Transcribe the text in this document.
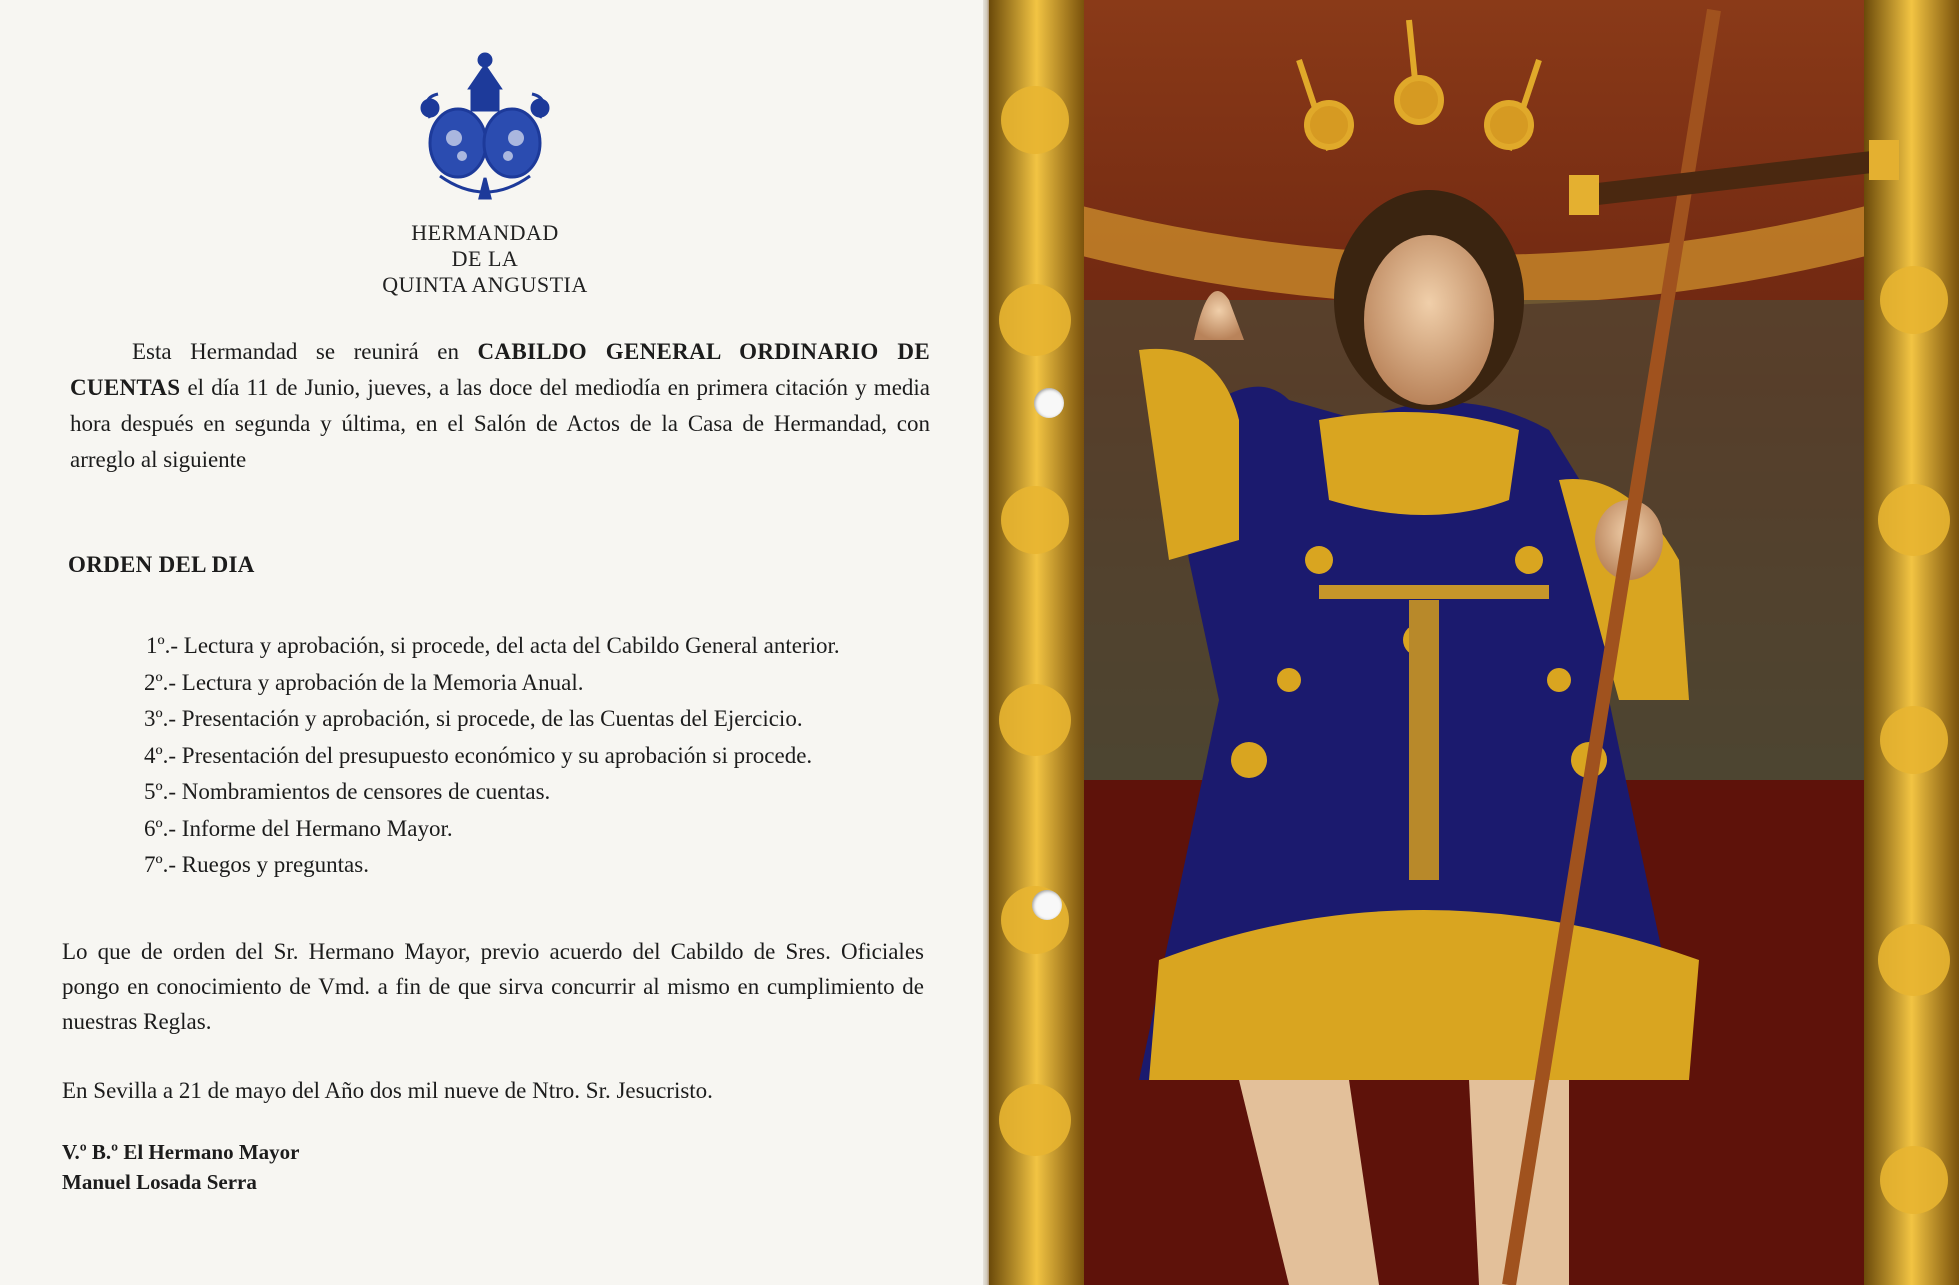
HERMANDAD
DE LA
QUINTA ANGUSTIA
Esta Hermandad se reunirá en CABILDO GENERAL ORDINARIO DE CUENTAS el día 11 de Junio, jueves, a las doce del mediodía en primera citación y media hora después en segunda y última, en el Salón de Actos de la Casa de Hermandad, con arreglo al siguiente
ORDEN DEL DIA
1º.- Lectura y aprobación, si procede, del acta del Cabildo General anterior.
2º.- Lectura y aprobación de la Memoria Anual.
3º.- Presentación y aprobación, si procede, de las Cuentas del Ejercicio.
4º.- Presentación del presupuesto económico y su aprobación si procede.
5º.- Nombramientos de censores de cuentas.
6º.- Informe del Hermano Mayor.
7º.- Ruegos y preguntas.
Lo que de orden del Sr. Hermano Mayor, previo acuerdo del Cabildo de Sres. Oficiales pongo en conocimiento de Vmd. a fin de que sirva concurrir al mismo en cumplimiento de nuestras Reglas.
En Sevilla a 21 de mayo del Año dos mil nueve de Ntro. Sr. Jesucristo.
V.º B.º El Hermano Mayor
Manuel Losada Serra
